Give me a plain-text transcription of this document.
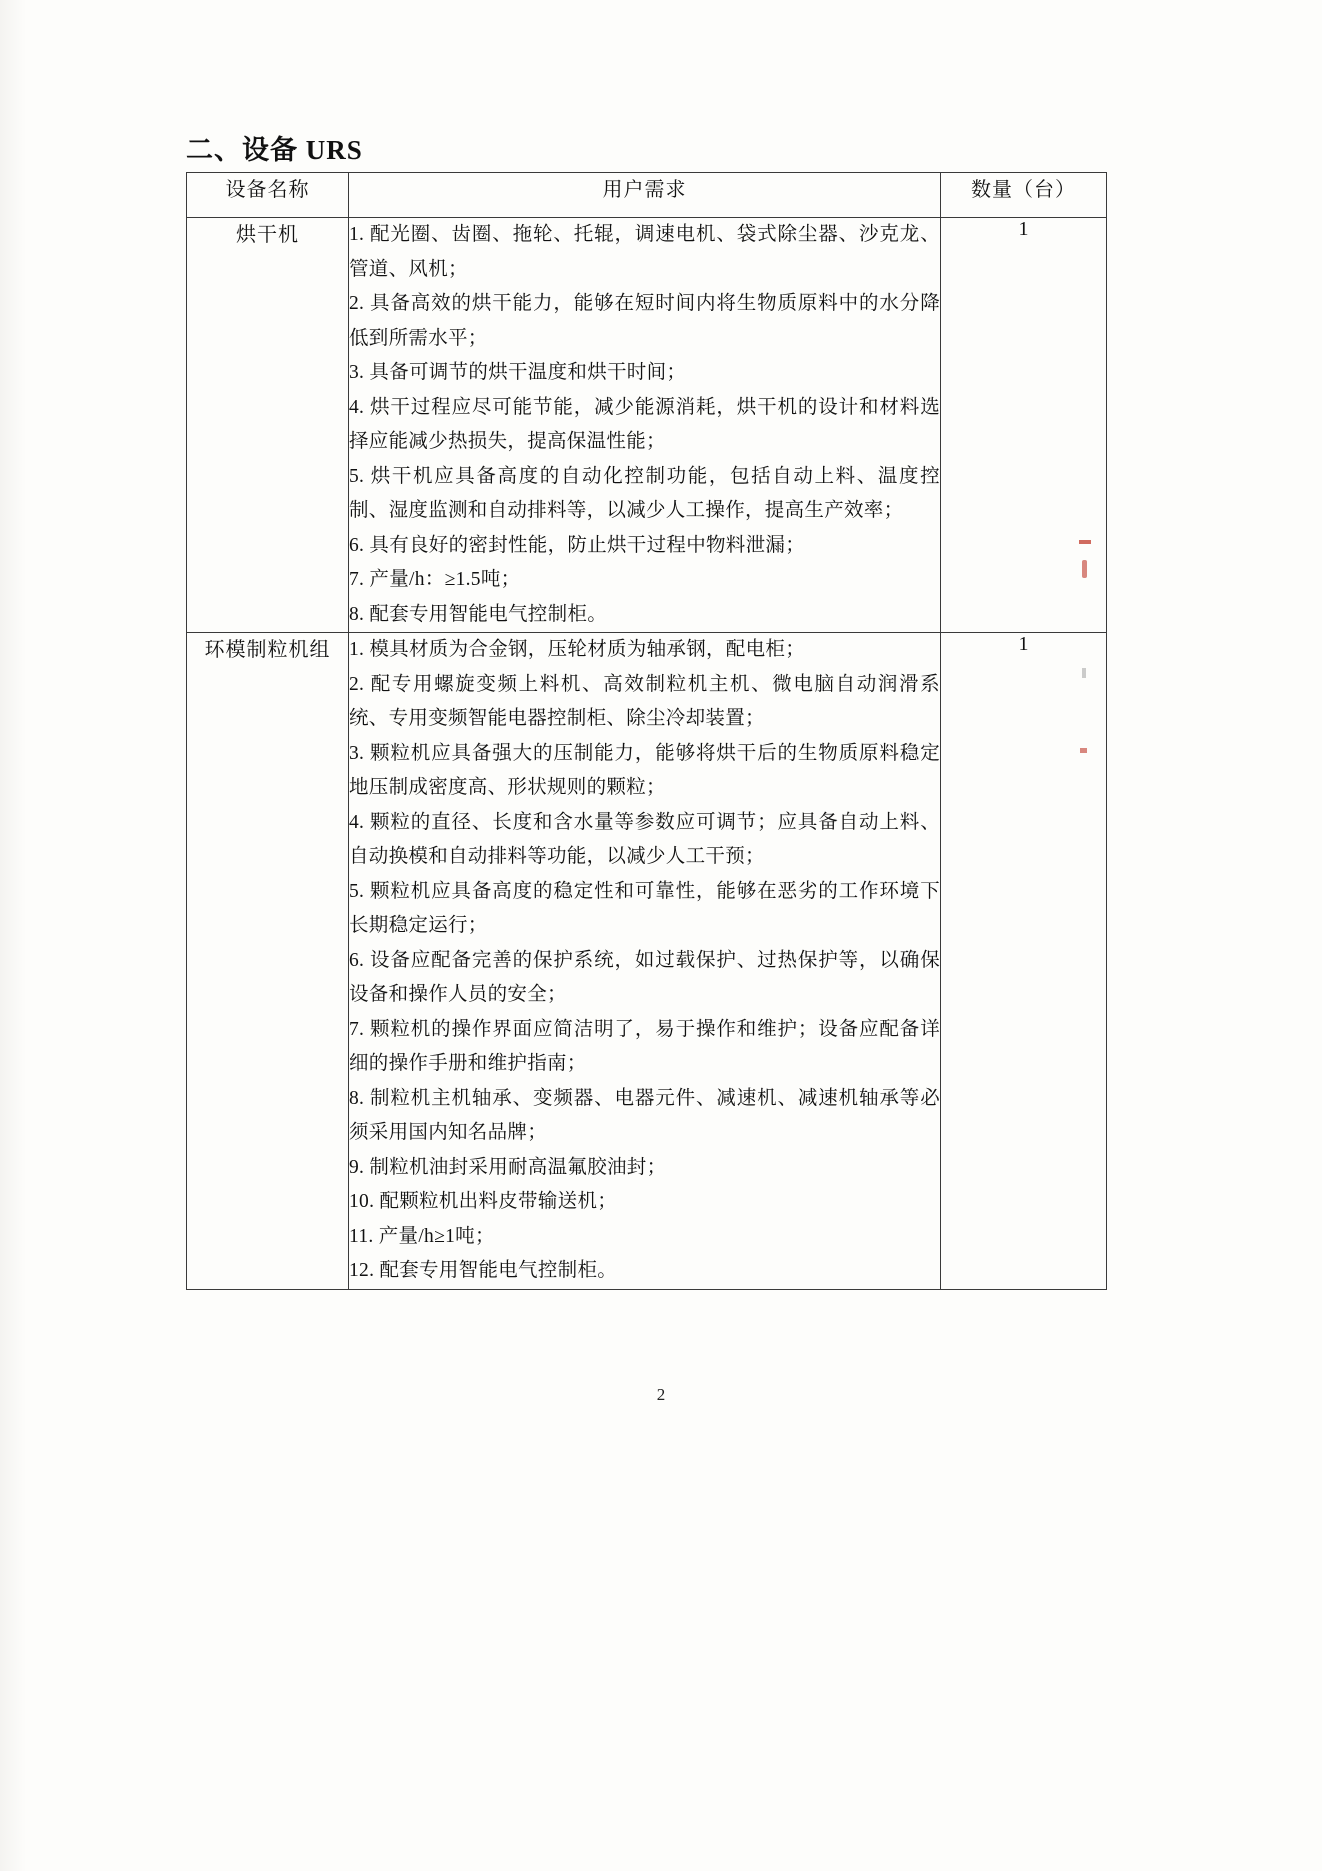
二、设备 URS
设备名称	用户需求	数量（台）
烘干机	1. 配光圈、齿圈、拖轮、托辊，调速电机、袋式除尘器、沙克龙、管道、风机；
2. 具备高效的烘干能力，能够在短时间内将生物质原料中的水分降低到所需水平；
3. 具备可调节的烘干温度和烘干时间；
4. 烘干过程应尽可能节能，减少能源消耗，烘干机的设计和材料选择应能减少热损失，提高保温性能；
5. 烘干机应具备高度的自动化控制功能，包括自动上料、温度控制、湿度监测和自动排料等，以减少人工操作，提高生产效率；
6. 具有良好的密封性能，防止烘干过程中物料泄漏；
7. 产量/h：≥1.5吨；
8. 配套专用智能电气控制柜。
	1
环模制粒机组	1. 模具材质为合金钢，压轮材质为轴承钢，配电柜；
2. 配专用螺旋变频上料机、高效制粒机主机、微电脑自动润滑系统、专用变频智能电器控制柜、除尘冷却装置；
3. 颗粒机应具备强大的压制能力，能够将烘干后的生物质原料稳定地压制成密度高、形状规则的颗粒；
4. 颗粒的直径、长度和含水量等参数应可调节；应具备自动上料、自动换模和自动排料等功能，以减少人工干预；
5. 颗粒机应具备高度的稳定性和可靠性，能够在恶劣的工作环境下长期稳定运行；
6. 设备应配备完善的保护系统，如过载保护、过热保护等，以确保设备和操作人员的安全；
7. 颗粒机的操作界面应简洁明了，易于操作和维护；设备应配备详细的操作手册和维护指南；
8. 制粒机主机轴承、变频器、电器元件、减速机、减速机轴承等必须采用国内知名品牌；
9. 制粒机油封采用耐高温氟胶油封；
10. 配颗粒机出料皮带输送机；
11. 产量/h≥1吨；
12. 配套专用智能电气控制柜。
	1
2
